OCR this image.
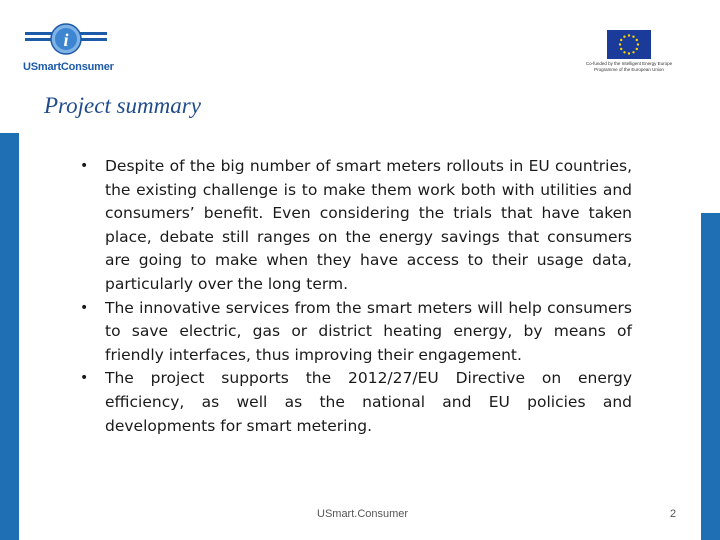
i
USmartConsumer	Co-funded by the Intelligent Energy Europe
Programme of the European Union
Project summary
• Despite of the big number of smart meters rollouts in EU countries, the existing challenge is to make them work both with utilities and consumers’ benefit. Even considering the trials that have taken place, debate still ranges on the energy savings that consumers are going to make when they have access to their usage data, particularly over the long term.
• The innovative services from the smart meters will help consumers to save electric, gas or district heating energy, by means of friendly interfaces, thus improving their engagement.
• The project supports the 2012/27/EU Directive on energy efficiency, as well as the national and EU policies and developments for smart metering.
USmart.Consumer	2
